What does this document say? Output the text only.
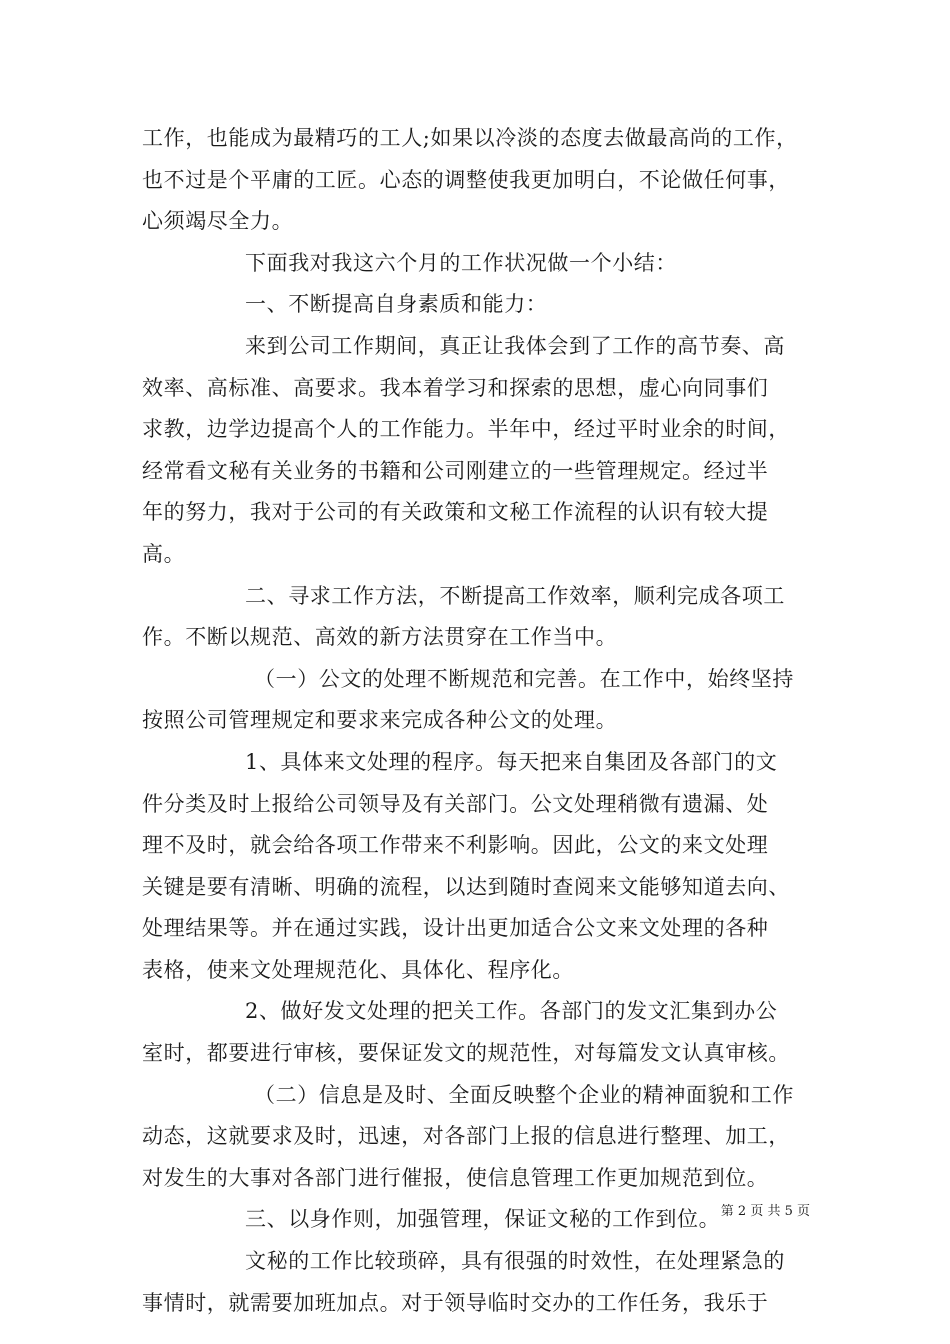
工作，也能成为最精巧的工人;如果以冷淡的态度去做最高尚的工作，
也不过是个平庸的工匠。心态的调整使我更加明白，不论做任何事，
心须竭尽全力。
下面我对我这六个月的工作状况做一个小结：
一、不断提高自身素质和能力：
来到公司工作期间，真正让我体会到了工作的高节奏、高
效率、高标准、高要求。我本着学习和探索的思想，虚心向同事们
求教，边学边提高个人的工作能力。半年中，经过平时业余的时间，
经常看文秘有关业务的书籍和公司刚建立的一些管理规定。经过半
年的努力，我对于公司的有关政策和文秘工作流程的认识有较大提
高。
二、寻求工作方法，不断提高工作效率，顺利完成各项工
作。不断以规范、高效的新方法贯穿在工作当中。
（一）公文的处理不断规范和完善。在工作中，始终坚持
按照公司管理规定和要求来完成各种公文的处理。
1、具体来文处理的程序。每天把来自集团及各部门的文
件分类及时上报给公司领导及有关部门。公文处理稍微有遗漏、处
理不及时，就会给各项工作带来不利影响。因此，公文的来文处理
关键是要有清晰、明确的流程，以达到随时查阅来文能够知道去向、
处理结果等。并在通过实践，设计出更加适合公文来文处理的各种
表格，使来文处理规范化、具体化、程序化。
2、做好发文处理的把关工作。各部门的发文汇集到办公
室时，都要进行审核，要保证发文的规范性，对每篇发文认真审核。
（二）信息是及时、全面反映整个企业的精神面貌和工作
动态，这就要求及时，迅速，对各部门上报的信息进行整理、加工，
对发生的大事对各部门进行催报，使信息管理工作更加规范到位。
三、以身作则，加强管理，保证文秘的工作到位。
文秘的工作比较琐碎，具有很强的时效性，在处理紧急的
事情时，就需要加班加点。对于领导临时交办的工作任务，我乐于
第 2 页 共 5 页
